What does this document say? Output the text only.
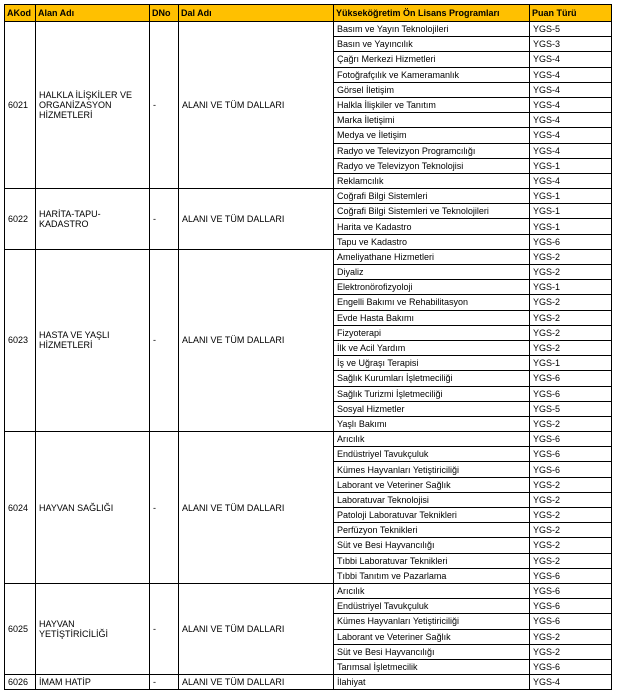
AKod	Alan Adı	DNo	Dal Adı	Yükseköğretim Ön Lisans Programları	Puan Türü
6021	HALKLA İLİŞKİLER VE ORGANİZASYON HİZMETLERİ	-	ALANI VE TÜM DALLARI	Basım ve Yayın Teknolojileri	YGS-5
				Basın ve Yayıncılık	YGS-3
				Çağrı Merkezi Hizmetleri	YGS-4
				Fotoğrafçılık ve Kameramanlık	YGS-4
				Görsel İletişim	YGS-4
				Halkla İlişkiler ve Tanıtım	YGS-4
				Marka İletişimi	YGS-4
				Medya ve İletişim	YGS-4
				Radyo ve Televizyon Programcılığı	YGS-4
				Radyo ve Televizyon Teknolojisi	YGS-1
				Reklamcılık	YGS-4
6022	HARİTA-TAPU-KADASTRO	-	ALANI VE TÜM DALLARI	Coğrafi Bilgi Sistemleri	YGS-1
				Coğrafi Bilgi Sistemleri ve Teknolojileri	YGS-1
				Harita ve Kadastro	YGS-1
				Tapu ve Kadastro	YGS-6
6023	HASTA VE YAŞLI HİZMETLERİ	-	ALANI VE TÜM DALLARI	Ameliyathane Hizmetleri	YGS-2
				Diyaliz	YGS-2
				Elektronörofizyoloji	YGS-1
				Engelli Bakımı ve Rehabilitasyon	YGS-2
				Evde Hasta Bakımı	YGS-2
				Fizyoterapi	YGS-2
				İlk ve Acil Yardım	YGS-2
				İş ve Uğraşı Terapisi	YGS-1
				Sağlık Kurumları İşletmeciliği	YGS-6
				Sağlık Turizmi İşletmeciliği	YGS-6
				Sosyal Hizmetler	YGS-5
				Yaşlı Bakımı	YGS-2
6024	HAYVAN SAĞLIĞI	-	ALANI VE TÜM DALLARI	Arıcılık	YGS-6
				Endüstriyel Tavukçuluk	YGS-6
				Kümes Hayvanları Yetiştiriciliği	YGS-6
				Laborant ve Veteriner Sağlık	YGS-2
				Laboratuvar Teknolojisi	YGS-2
				Patoloji Laboratuvar Teknikleri	YGS-2
				Perfüzyon Teknikleri	YGS-2
				Süt ve Besi Hayvancılığı	YGS-2
				Tıbbi Laboratuvar Teknikleri	YGS-2
				Tıbbi Tanıtım ve Pazarlama	YGS-6
6025	HAYVAN YETİŞTİRİCİLİĞİ	-	ALANI VE TÜM DALLARI	Arıcılık	YGS-6
				Endüstriyel Tavukçuluk	YGS-6
				Kümes Hayvanları Yetiştiriciliği	YGS-6
				Laborant ve Veteriner Sağlık	YGS-2
				Süt ve Besi Hayvancılığı	YGS-2
				Tarımsal İşletmecilik	YGS-6
6026	İMAM HATİP	-	ALANI VE TÜM DALLARI	İlahiyat	YGS-4
